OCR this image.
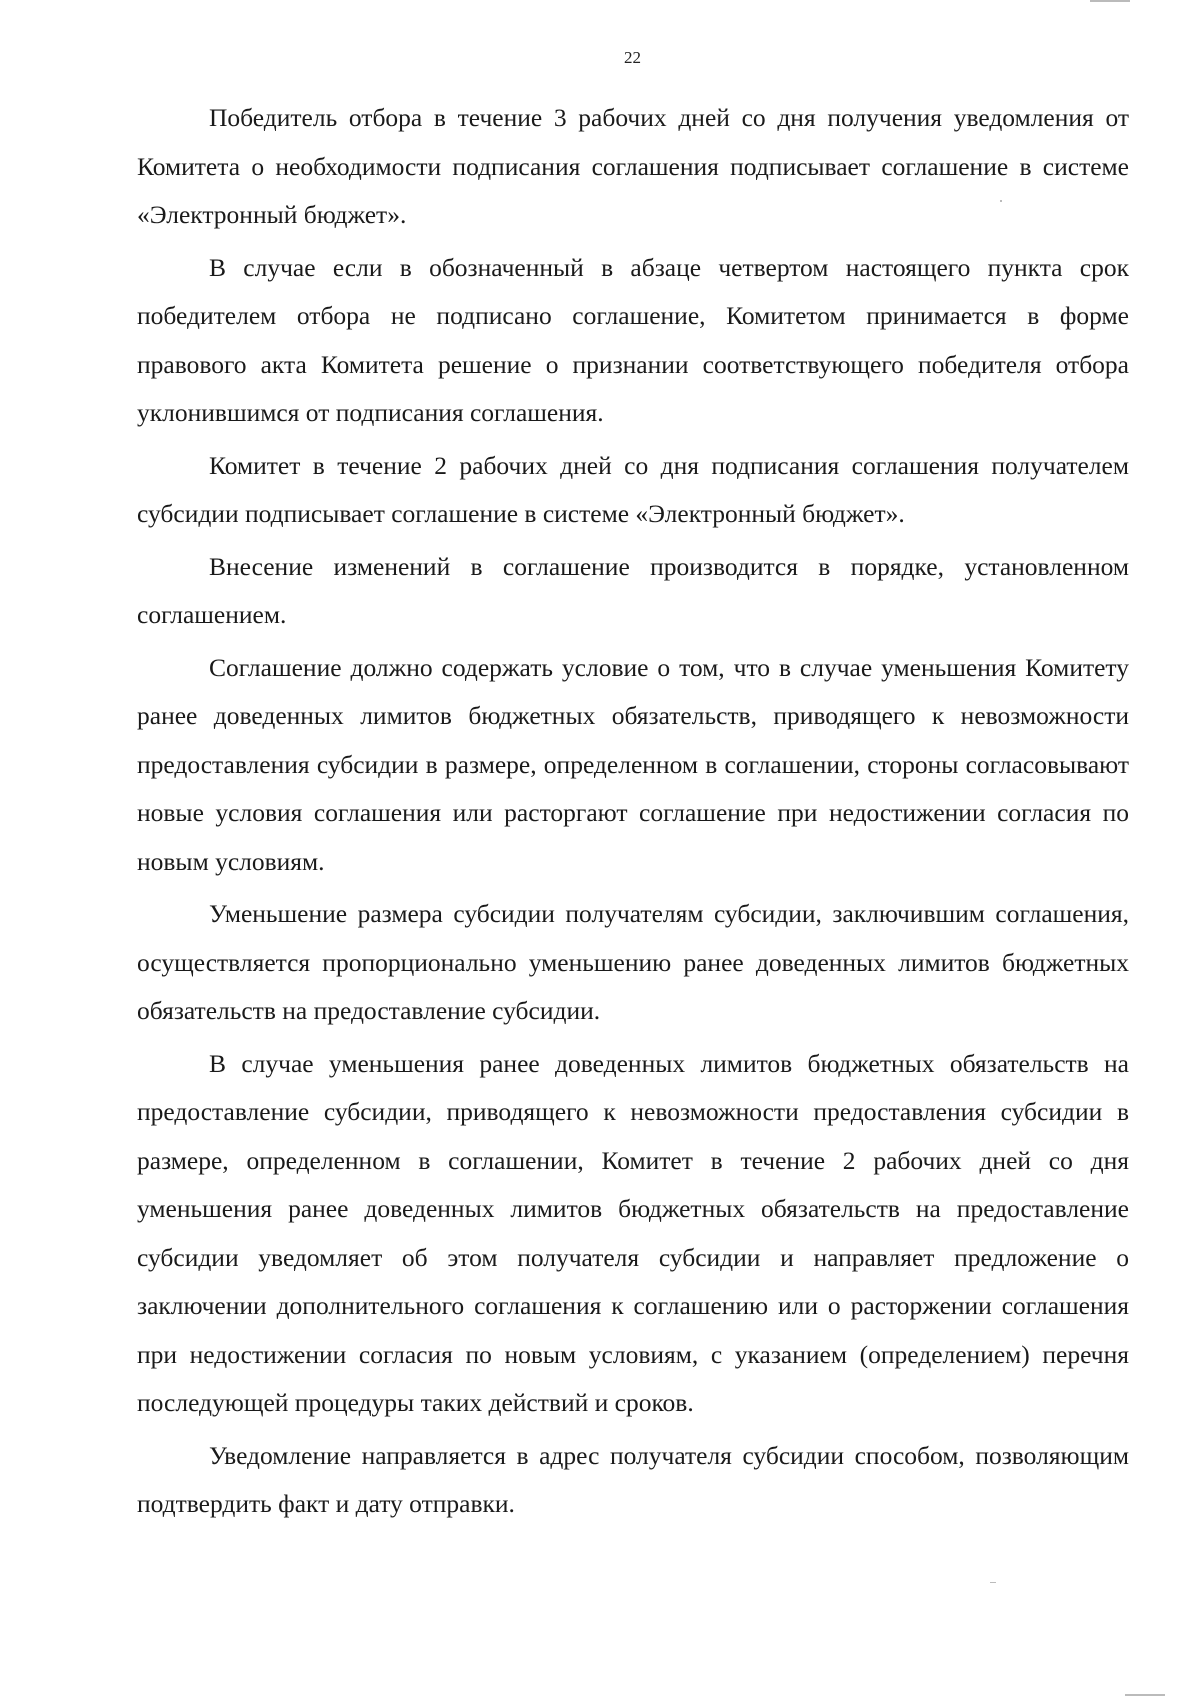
22

Победитель отбора в течение 3 рабочих дней со дня получения уведомления от Комитета о необходимости подписания соглашения подписывает соглашение в системе «Электронный бюджет».

В случае если в обозначенный в абзаце четвертом настоящего пункта срок победителем отбора не подписано соглашение, Комитетом принимается в форме правового акта Комитета решение о признании соответствующего победителя отбора уклонившимся от подписания соглашения.

Комитет в течение 2 рабочих дней со дня подписания соглашения получателем субсидии подписывает соглашение в системе «Электронный бюджет».

Внесение изменений в соглашение производится в порядке, установленном соглашением.

Соглашение должно содержать условие о том, что в случае уменьшения Комитету ранее доведенных лимитов бюджетных обязательств, приводящего к невозможности предоставления субсидии в размере, определенном в соглашении, стороны согласовывают новые условия соглашения или расторгают соглашение при недостижении согласия по новым условиям.

Уменьшение размера субсидии получателям субсидии, заключившим соглашения, осуществляется пропорционально уменьшению ранее доведенных лимитов бюджетных обязательств на предоставление субсидии.

В случае уменьшения ранее доведенных лимитов бюджетных обязательств на предоставление субсидии, приводящего к невозможности предоставления субсидии в размере, определенном в соглашении, Комитет в течение 2 рабочих дней со дня уменьшения ранее доведенных лимитов бюджетных обязательств на предоставление субсидии уведомляет об этом получателя субсидии и направляет предложение о заключении дополнительного соглашения к соглашению или о расторжении соглашения при недостижении согласия по новым условиям, с указанием (определением) перечня последующей процедуры таких действий и сроков.

Уведомление направляется в адрес получателя субсидии способом, позволяющим подтвердить факт и дату отправки.
